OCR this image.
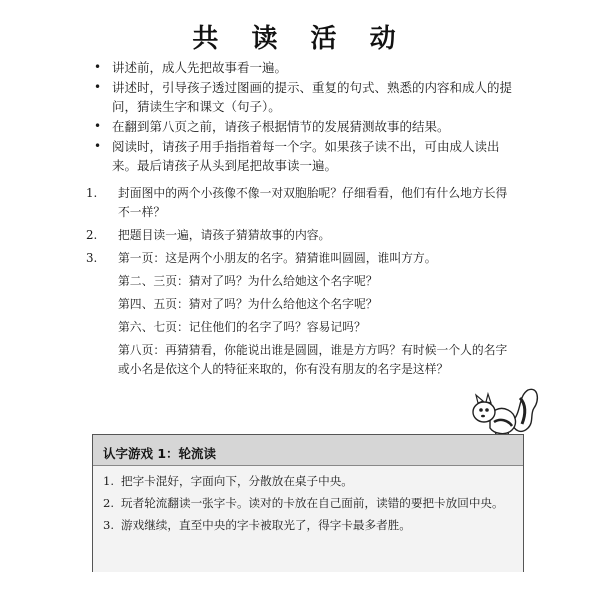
共 读 活 动
• 讲述前，成人先把故事看一遍。
• 讲述时，引导孩子透过图画的提示、重复的句式、熟悉的内容和成人的提问，猜读生字和课文（句子）。
• 在翻到第八页之前，请孩子根据情节的发展猜测故事的结果。
• 阅读时，请孩子用手指指着每一个字。如果孩子读不出，可由成人读出来。最后请孩子从头到尾把故事读一遍。
1. 封面图中的两个小孩像不像一对双胞胎呢？仔细看看，他们有什么地方长得不一样？
2. 把题目读一遍，请孩子猜猜故事的内容。
3. 第一页：这是两个小朋友的名字。猜猜谁叫圆圆，谁叫方方。
第二、三页：猜对了吗？为什么给她这个名字呢？
第四、五页：猜对了吗？为什么给他这个名字呢？
第六、七页：记住他们的名字了吗？容易记吗？
第八页：再猜猜看，你能说出谁是圆圆，谁是方方吗？有时候一个人的名字或小名是依这个人的特征来取的，你有没有朋友的名字是这样？
认字游戏 1：轮流读
1. 把字卡混好，字面向下，分散放在桌子中央。
2. 玩者轮流翻读一张字卡。读对的卡放在自己面前，读错的要把卡放回中央。
3. 游戏继续，直至中央的字卡被取光了，得字卡最多者胜。
